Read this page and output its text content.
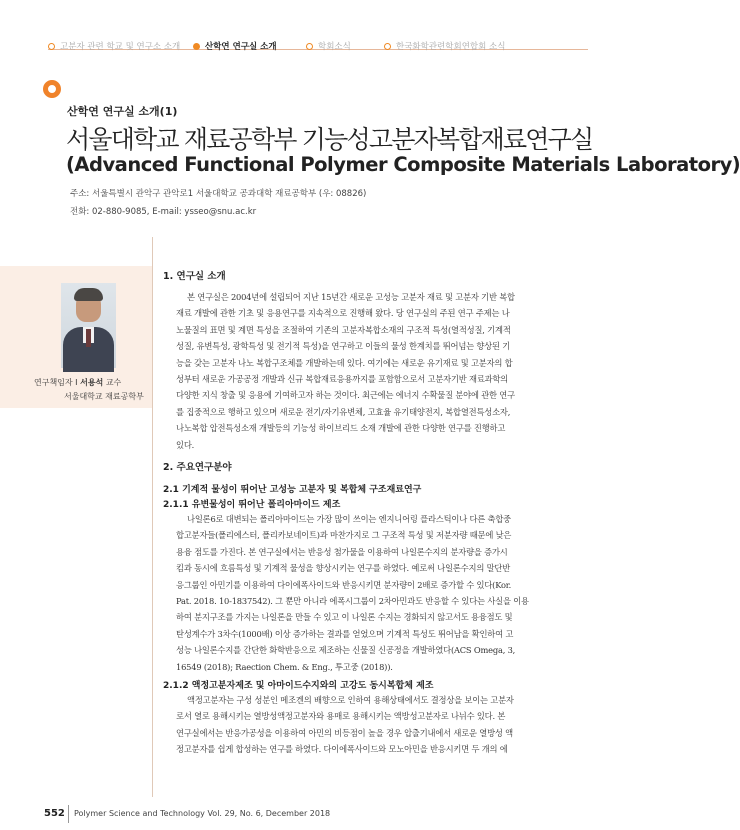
고분자 관련 학교 및 연구소 소개	산학연 연구실 소개	학회소식	한국화학관련학회연합회 소식
산학연 연구실 소개(1)
서울대학교 재료공학부 기능성고분자복합재료연구실
(Advanced Functional Polymer Composite Materials Laboratory)
주소: 서울특별시 관악구 관악로1 서울대학교 공과대학 재료공학부 (우: 08826)
전화: 02-880-9085, E-mail: ysseo@snu.ac.kr
연구책임자 I 서용석 교수
서울대학교 재료공학부
1. 연구실 소개
본 연구실은 2004년에 설립되어 지난 15년간 새로운 고성능 고분자 재료 및 고분자 기반 복합
재료 개발에 관한 기초 및 응용연구를 지속적으로 진행해 왔다. 당 연구실의 주된 연구 주제는 나
노물질의 표면 및 계면 특성을 조절하여 기존의 고분자복합소재의 구조적 특성(열적성질, 기계적
성질, 유변특성, 광학특성 및 전기적 특성)을 연구하고 이들의 물성 한계치를 뛰어넘는 향상된 기
능을 갖는 고분자 나노 복합구조체를 개발하는데 있다. 여기에는 새로운 유기재료 및 고분자의 합
성부터 새로운 가공공정 개발과 신규 복합재료응용까지를 포함함으로서 고분자기반 재료과학의
다양한 지식 창출 및 응용에 기여하고자 하는 것이다. 최근에는 에너지 수확물질 분야에 관한 연구
를 집중적으로 행하고 있으며 새로운 전기/자기유변체, 고효율 유기태양전지, 복합열전특성소자,
나노복합 압전특성소재 개발등의 기능성 하이브리드 소재 개발에 관한 다양한 연구를 진행하고
있다.
2. 주요연구분야
2.1 기계적 물성이 뛰어난 고성능 고분자 및 복합체 구조재료연구
2.1.1 유변물성이 뛰어난 폴리아마이드 제조
나일론6로 대변되는 폴리아마이드는 가장 많이 쓰이는 엔지니어링 플라스틱이나 다른 축합중
합고분자들(폴리에스터, 폴리카보네이트)과 마찬가지로 그 구조적 특성 및 저분자량 때문에 낮은
용융 점도를 가진다. 본 연구실에서는 반응성 첨가물을 이용하여 나일론수지의 분자량을 증가시
킴과 동시에 흐름특성 및 기계적 물성을 향상시키는 연구를 하였다. 예로써 나일론수지의 말단반
응그룹인 아민기를 이용하여 다이에폭사이드와 반응시키면 분자량이 2배로 증가할 수 있다(Kor.
Pat. 2018. 10-1837542). 그 뿐만 아니라 에폭시그룹이 2차아민과도 반응할 수 있다는 사실을 이용
하여 분지구조를 가지는 나일론을 만들 수 있고 이 나일론 수지는 경화되지 않고서도 용융점도 및
탄성계수가 3차수(1000배) 이상 증가하는 결과를 얻었으며 기계적 특성도 뛰어남을 확인하여 고
성능 나일론수지를 간단한 화학반응으로 제조하는 신물질 신공정을 개발하였다(ACS Omega, 3,
16549 (2018); Raection Chem. & Eng., 투고중 (2018)).
2.1.2 액정고분자제조 및 아마이드수지와의 고강도 동시복합체 제조
액정고분자는 구성 성분인 메조겐의 배향으로 인하여 용해상태에서도 결정상을 보이는 고분자
로서 열로 용해시키는 열방성액정고분자와 용매로 용해시키는 액방성고분자로 나뉘수 있다. 본
연구실에서는 반응가공성을 이용하여 아민의 비등점이 높을 경우 압출기내에서 새로운 열방성 액
정고분자를 쉽게 합성하는 연구를 하였다. 다이에폭사이드와 모노아민을 반응시키면 두 개의 에
552 Polymer Science and Technology Vol. 29, No. 6, December 2018
